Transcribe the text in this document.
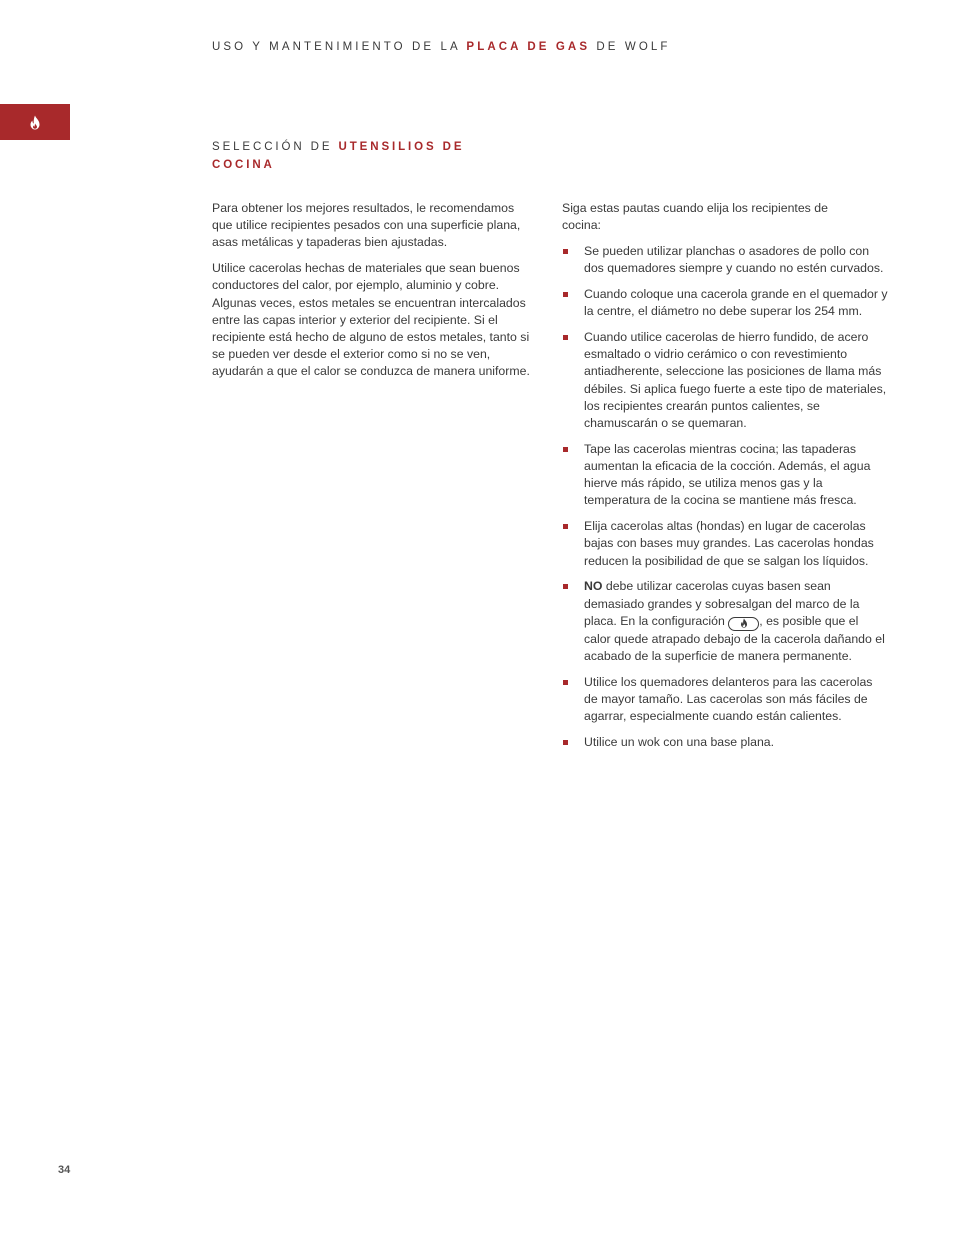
USO Y MANTENIMIENTO DE LA PLACA DE GAS DE WOLF
SELECCIÓN DE UTENSILIOS DE COCINA

Para obtener los mejores resultados, le recomendamos que utilice recipientes pesados con una superficie plana, asas metálicas y tapaderas bien ajustadas.

Utilice cacerolas hechas de materiales que sean buenos conductores del calor, por ejemplo, aluminio y cobre. Algunas veces, estos metales se encuentran intercalados entre las capas interior y exterior del recipiente. Si el recipiente está hecho de alguno de estos metales, tanto si se pueden ver desde el exterior como si no se ven, ayudarán a que el calor se conduzca de manera uniforme.

Siga estas pautas cuando elija los recipientes de cocina:

Se pueden utilizar planchas o asadores de pollo con dos quemadores siempre y cuando no estén curvados.
Cuando coloque una cacerola grande en el quemador y la centre, el diámetro no debe superar los 254 mm.
Cuando utilice cacerolas de hierro fundido, de acero esmaltado o vidrio cerámico o con revestimiento antiadherente, seleccione las posiciones de llama más débiles. Si aplica fuego fuerte a este tipo de materiales, los recipientes crearán puntos calientes, se chamuscarán o se quemaran.
Tape las cacerolas mientras cocina; las tapaderas aumentan la eficacia de la cocción. Además, el agua hierve más rápido, se utiliza menos gas y la temperatura de la cocina se mantiene más fresca.
Elija cacerolas altas (hondas) en lugar de cacerolas bajas con bases muy grandes. Las cacerolas hondas reducen la posibilidad de que se salgan los líquidos.
NO debe utilizar cacerolas cuyas basen sean demasiado grandes y sobresalgan del marco de la placa. En la configuración	, es posible que el calor quede atrapado debajo de la cacerola dañando el acabado de la superficie de manera permanente.
Utilice los quemadores delanteros para las cacerolas de mayor tamaño. Las cacerolas son más fáciles de agarrar, especialmente cuando están calientes.
Utilice un wok con una base plana.
34
